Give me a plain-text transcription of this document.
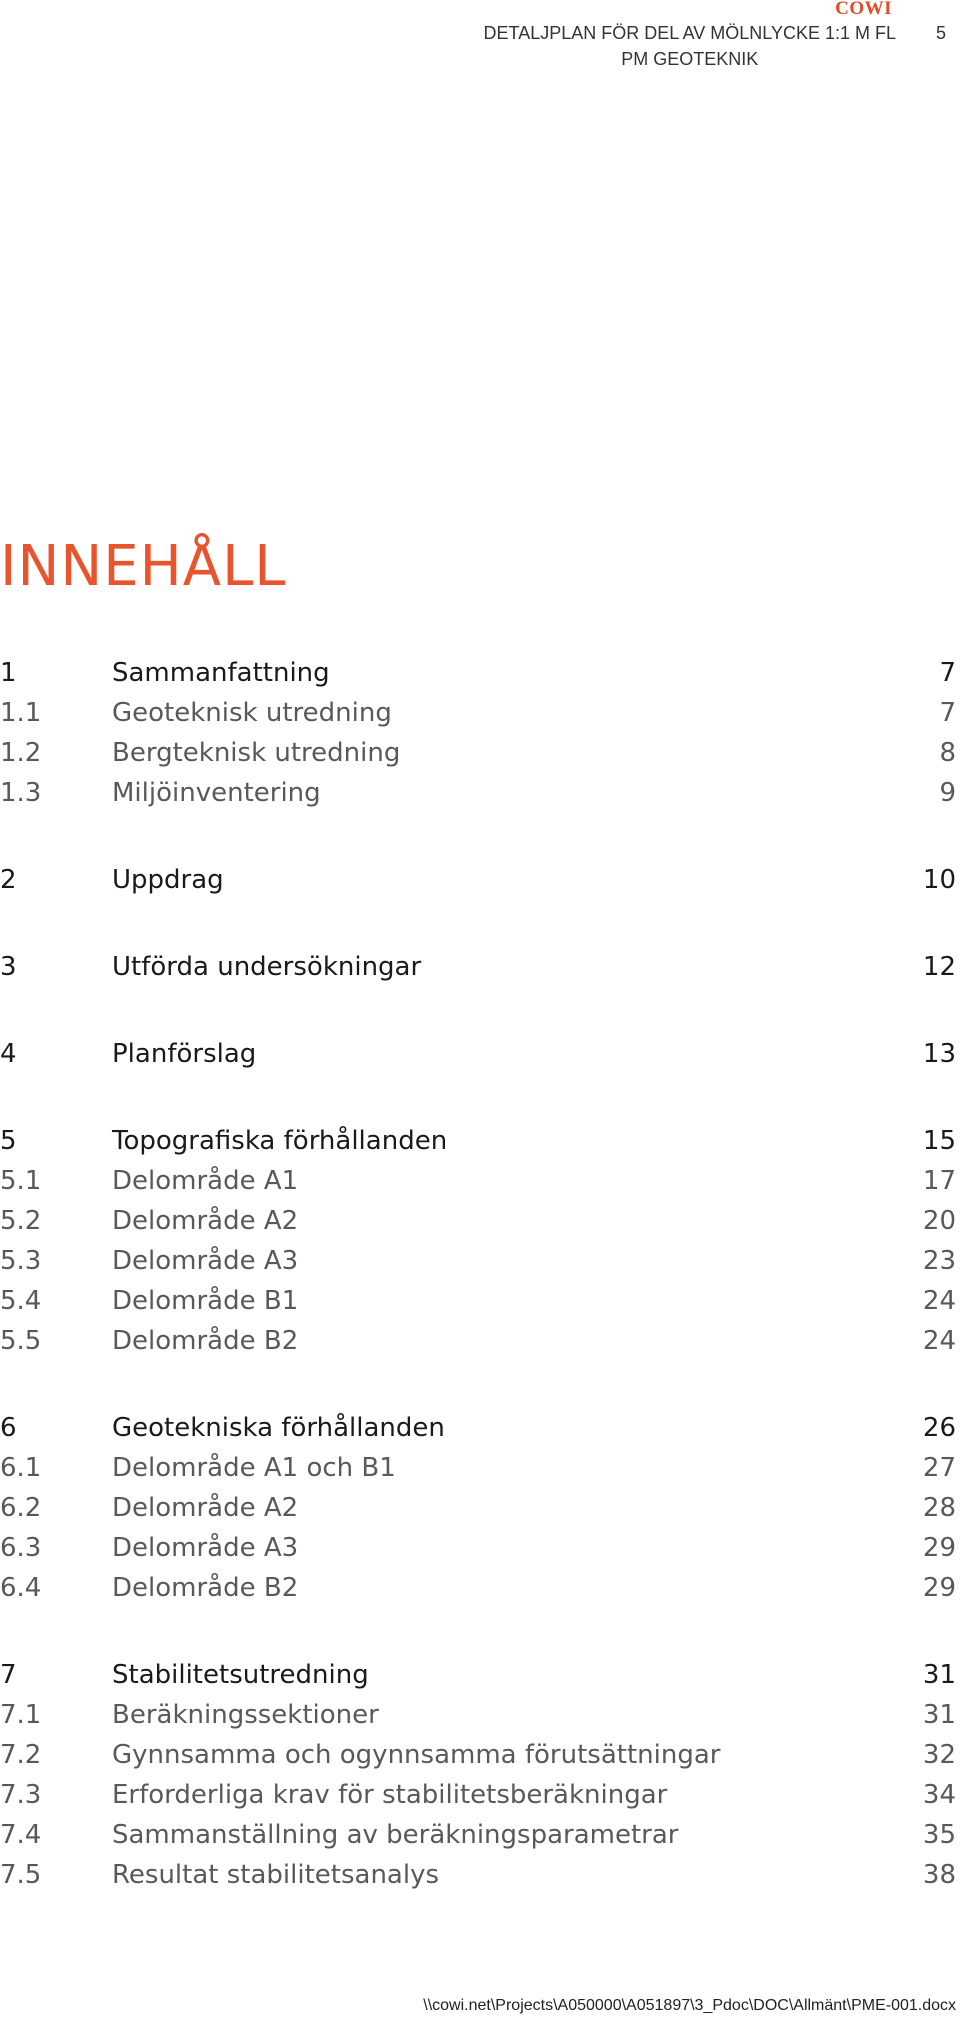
COWI
DETALJPLAN FÖR DEL AV MÖLNLYCKE 1:1 M FL
PM GEOTEKNIK
5
INNEHÅLL
1	Sammanfattning	7
1.1	Geoteknisk utredning	7
1.2	Bergteknisk utredning	8
1.3	Miljöinventering	9
2	Uppdrag	10
3	Utförda undersökningar	12
4	Planförslag	13
5	Topografiska förhållanden	15
5.1	Delområde A1	17
5.2	Delområde A2	20
5.3	Delområde A3	23
5.4	Delområde B1	24
5.5	Delområde B2	24
6	Geotekniska förhållanden	26
6.1	Delområde A1 och B1	27
6.2	Delområde A2	28
6.3	Delområde A3	29
6.4	Delområde B2	29
7	Stabilitetsutredning	31
7.1	Beräkningssektioner	31
7.2	Gynnsamma och ogynnsamma förutsättningar	32
7.3	Erforderliga krav för stabilitetsberäkningar	34
7.4	Sammanställning av beräkningsparametrar	35
7.5	Resultat stabilitetsanalys	38
\\cowi.net\Projects\A050000\A051897\3_Pdoc\DOC\Allmänt\PME-001.docx
